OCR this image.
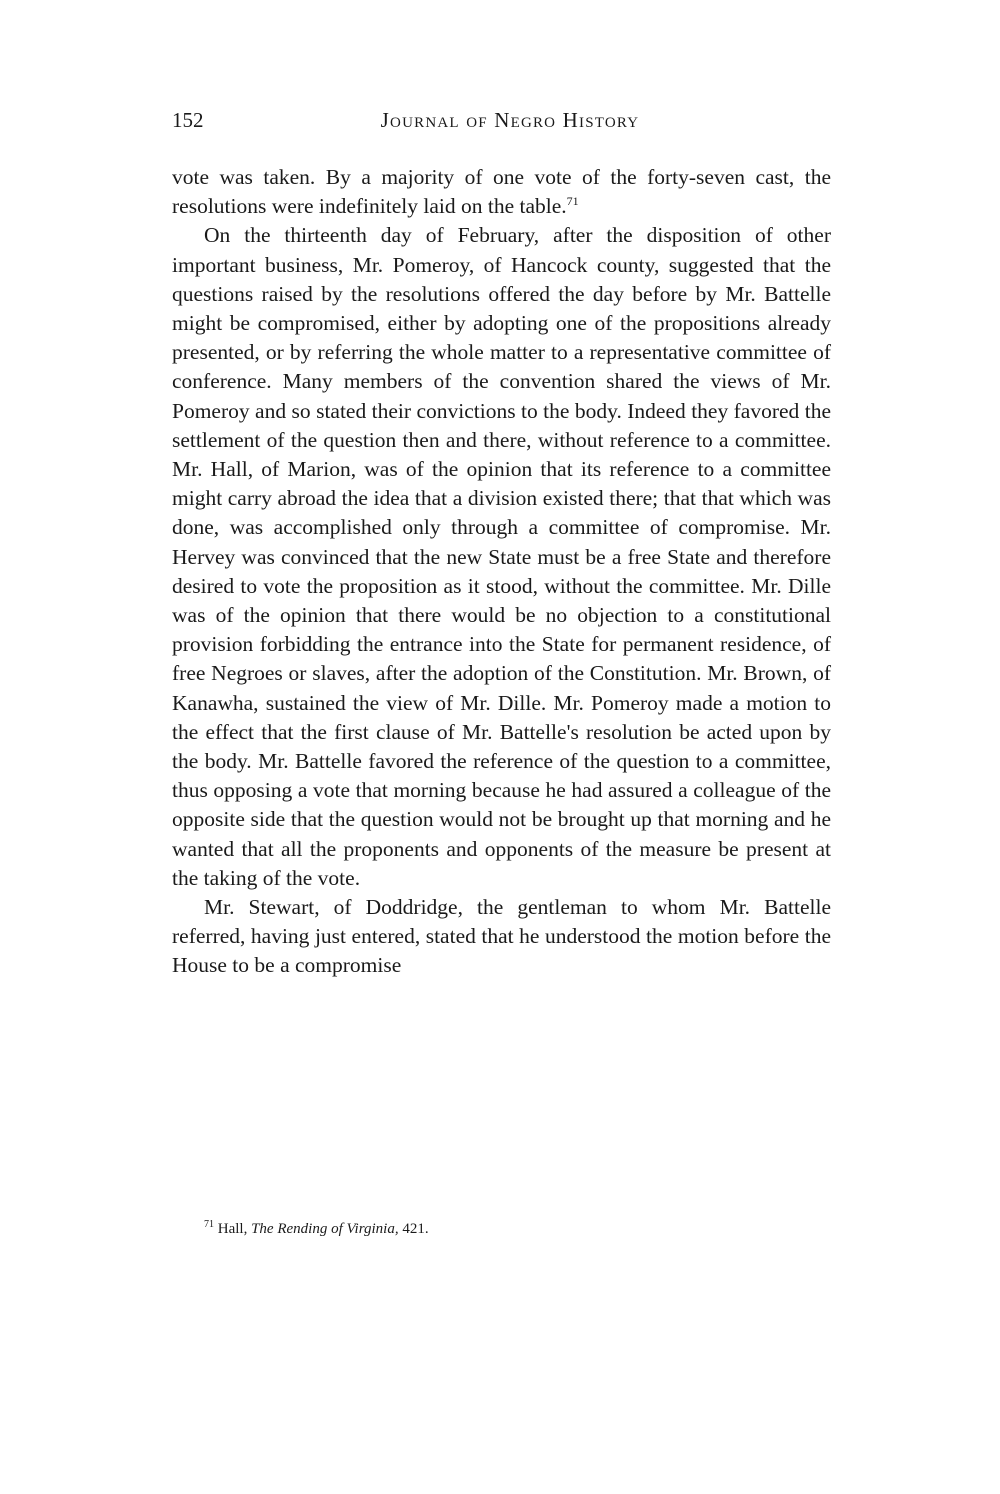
152	Journal of Negro History

vote was taken. By a majority of one vote of the forty-seven cast, the resolutions were indefinitely laid on the table.$^{71}$

On the thirteenth day of February, after the disposition of other important business, Mr. Pomeroy, of Hancock county, suggested that the questions raised by the resolutions offered the day before by Mr. Battelle might be compromised, either by adopting one of the propositions already presented, or by referring the whole matter to a representative committee of conference. Many members of the convention shared the views of Mr. Pomeroy and so stated their convictions to the body. Indeed they favored the settlement of the question then and there, without reference to a committee. Mr. Hall, of Marion, was of the opinion that its reference to a committee might carry abroad the idea that a division existed there; that that which was done, was accomplished only through a committee of compromise. Mr. Hervey was convinced that the new State must be a free State and therefore desired to vote the proposition as it stood, without the committee. Mr. Dille was of the opinion that there would be no objection to a constitutional provision forbidding the entrance into the State for permanent residence, of free Negroes or slaves, after the adoption of the Constitution. Mr. Brown, of Kanawha, sustained the view of Mr. Dille. Mr. Pomeroy made a motion to the effect that the first clause of Mr. Battelle's resolution be acted upon by the body. Mr. Battelle favored the reference of the question to a committee, thus opposing a vote that morning because he had assured a colleague of the opposite side that the question would not be brought up that morning and he wanted that all the proponents and opponents of the measure be present at the taking of the vote.

Mr. Stewart, of Doddridge, the gentleman to whom Mr. Battelle referred, having just entered, stated that he understood the motion before the House to be a compromise

$^{71}$ Hall, The Rending of Virginia, 421.
